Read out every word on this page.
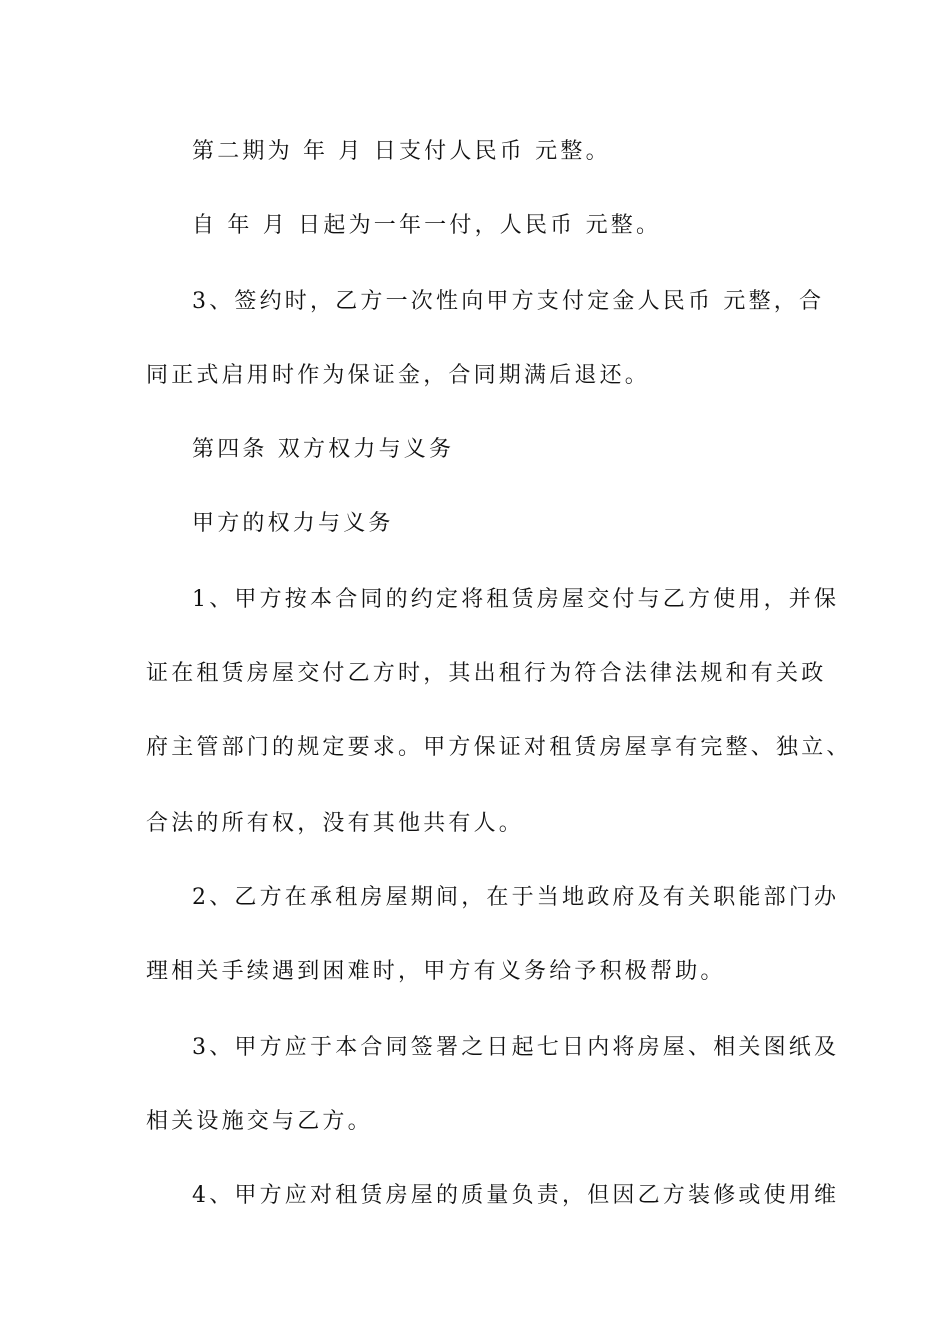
第二期为 年 月 日支付人民币 元整。
自 年 月 日起为一年一付，人民币 元整。
3、签约时，乙方一次性向甲方支付定金人民币 元整，合
同正式启用时作为保证金，合同期满后退还。
第四条 双方权力与义务
甲方的权力与义务
1、甲方按本合同的约定将租赁房屋交付与乙方使用，并保
证在租赁房屋交付乙方时，其出租行为符合法律法规和有关政
府主管部门的规定要求。甲方保证对租赁房屋享有完整、独立、
合法的所有权，没有其他共有人。
2、乙方在承租房屋期间，在于当地政府及有关职能部门办
理相关手续遇到困难时，甲方有义务给予积极帮助。
3、甲方应于本合同签署之日起七日内将房屋、相关图纸及
相关设施交与乙方。
4、甲方应对租赁房屋的质量负责，但因乙方装修或使用维
